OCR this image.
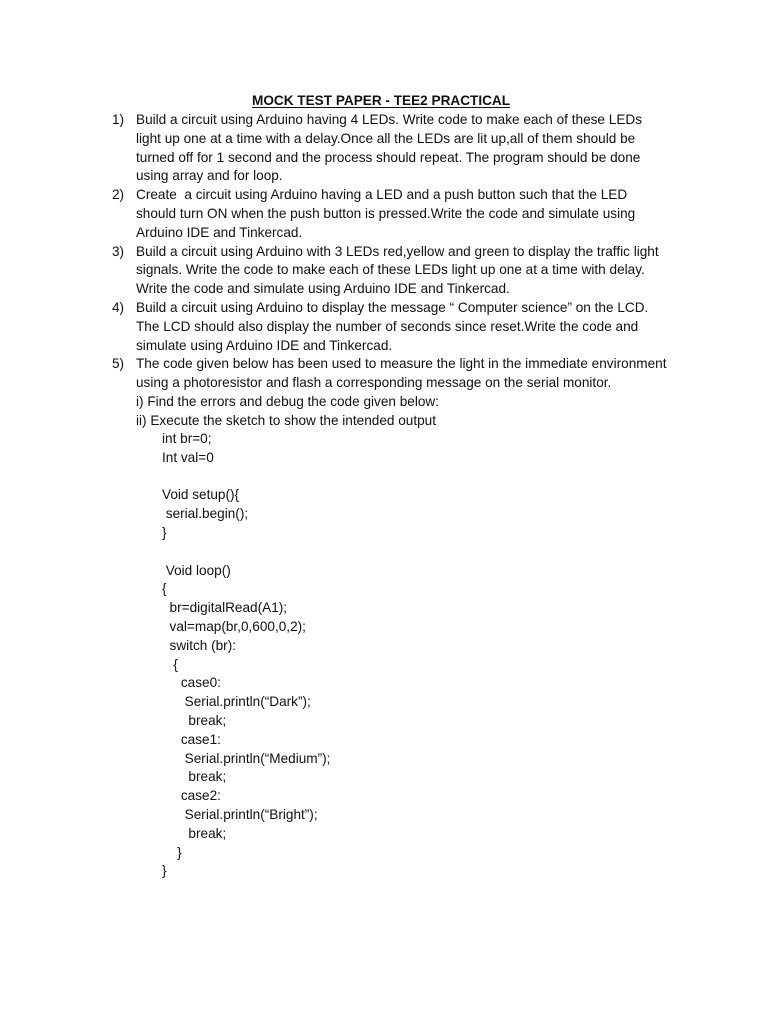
MOCK TEST PAPER - TEE2 PRACTICAL
1) Build a circuit using Arduino having 4 LEDs. Write code to make each of these LEDs
light up one at a time with a delay.Once all the LEDs are lit up,all of them should be
turned off for 1 second and the process should repeat. The program should be done
using array and for loop.
2) Create  a circuit using Arduino having a LED and a push button such that the LED
should turn ON when the push button is pressed.Write the code and simulate using
Arduino IDE and Tinkercad.
3) Build a circuit using Arduino with 3 LEDs red,yellow and green to display the traffic light
signals. Write the code to make each of these LEDs light up one at a time with delay.
Write the code and simulate using Arduino IDE and Tinkercad.
4) Build a circuit using Arduino to display the message “ Computer science” on the LCD.
The LCD should also display the number of seconds since reset.Write the code and
simulate using Arduino IDE and Tinkercad.
5) The code given below has been used to measure the light in the immediate environment
using a photoresistor and flash a corresponding message on the serial monitor.
i) Find the errors and debug the code given below:
ii) Execute the sketch to show the intended output
int br=0;
Int val=0
Void setup(){
serial.begin();
}
Void loop()
{
br=digitalRead(A1);
val=map(br,0,600,0,2);
switch (br):
{
case0:
Serial.println(“Dark”);
break;
case1:
Serial.println(“Medium”);
break;
case2:
Serial.println(“Bright”);
break;
}
}
